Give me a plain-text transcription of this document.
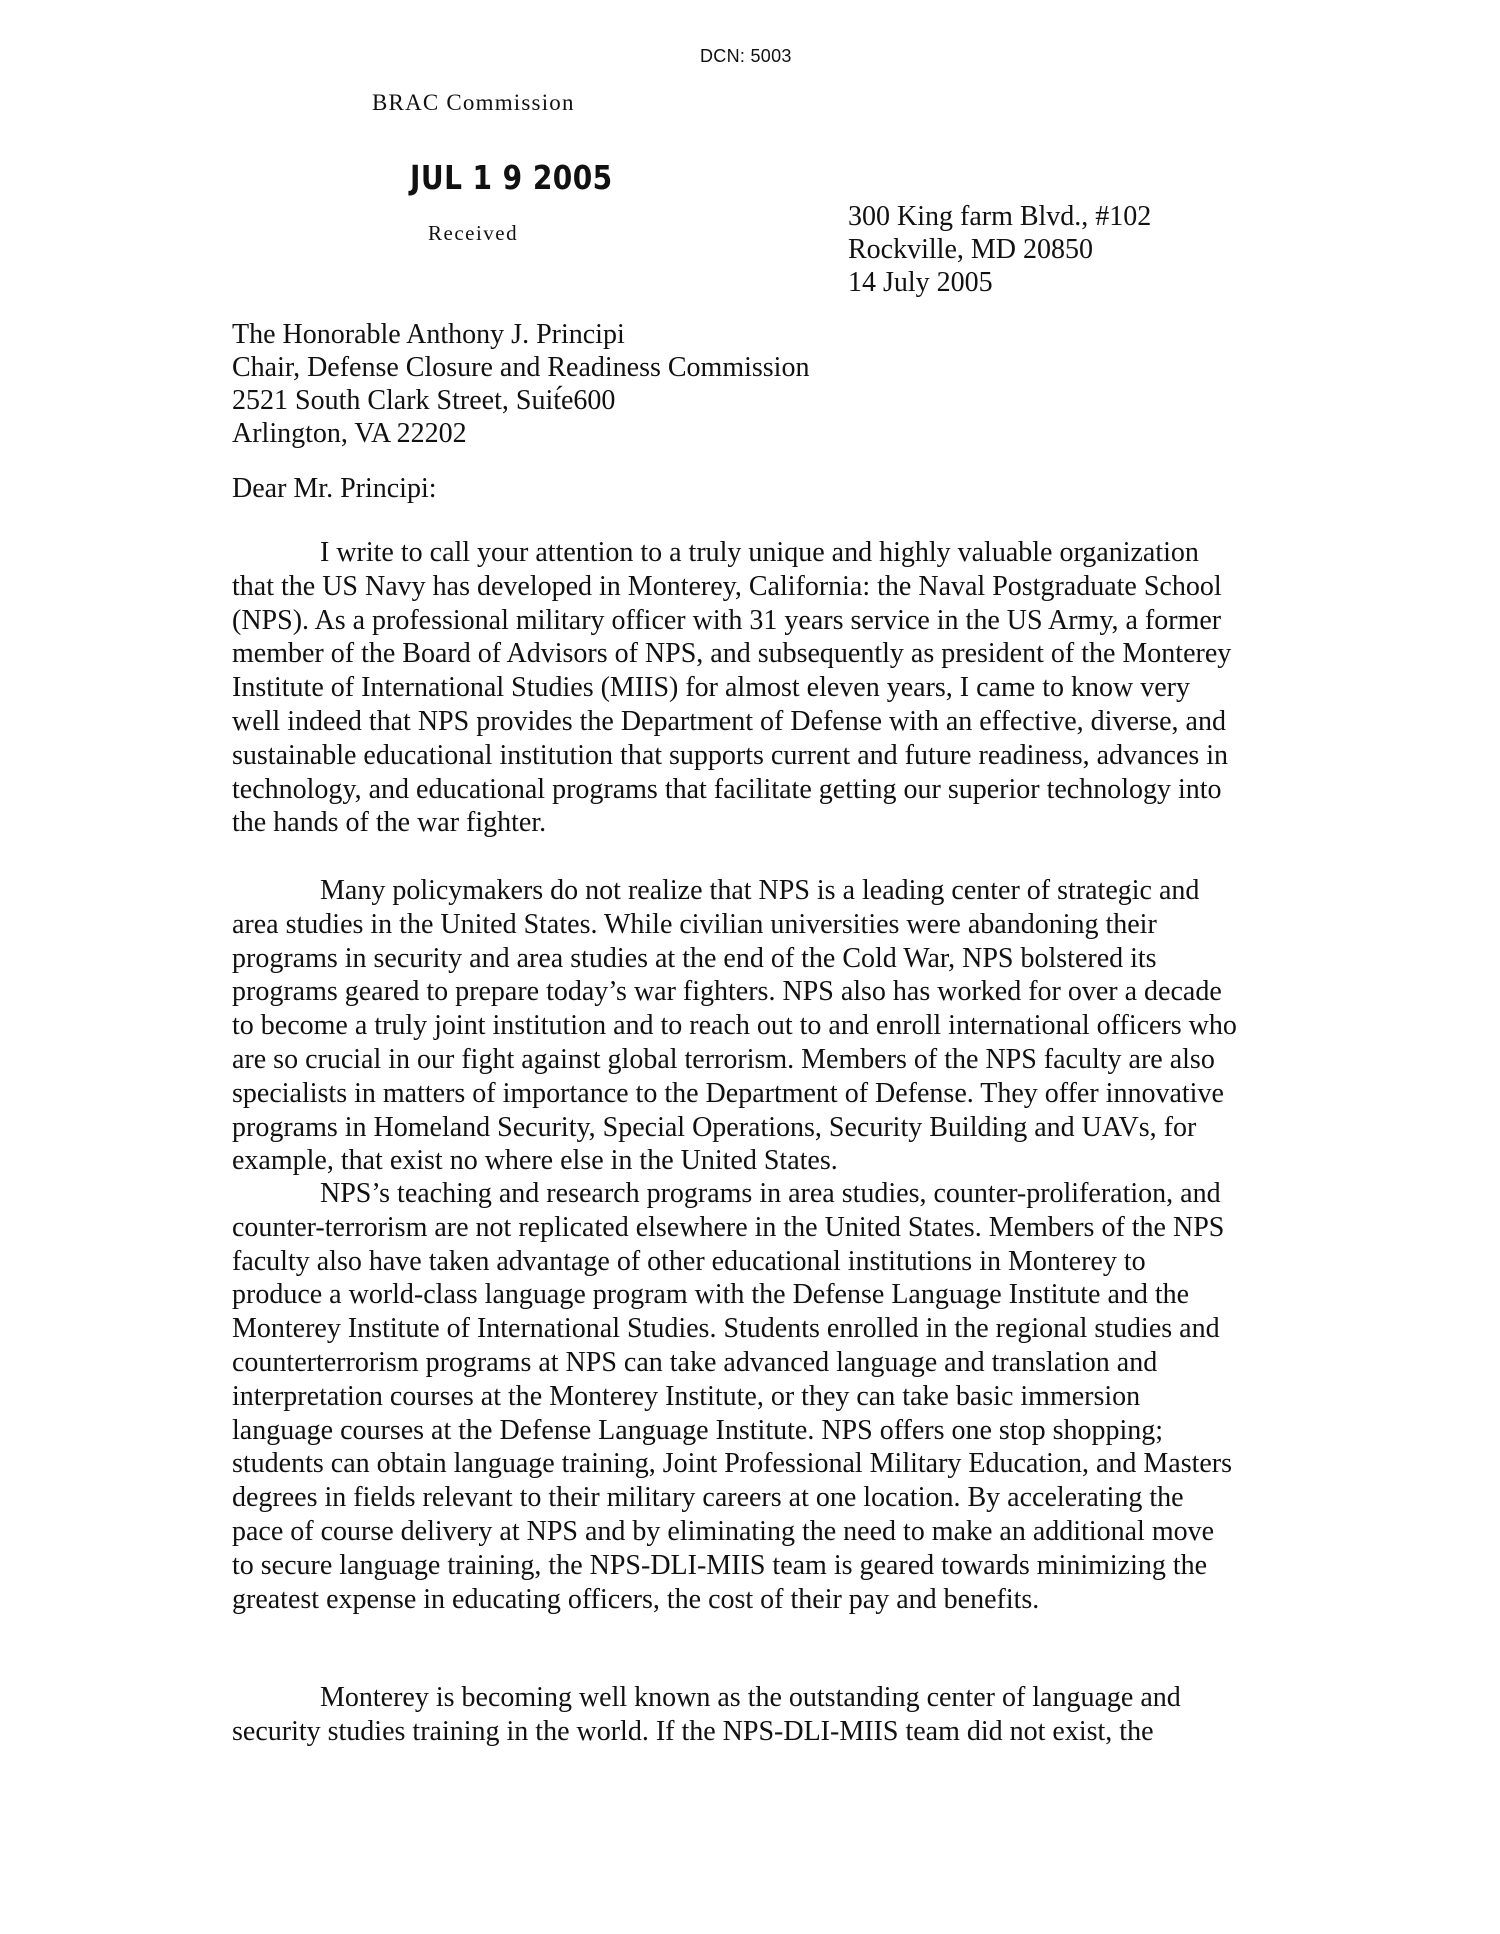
DCN: 5003
BRAC Commission
JUL 1 9 2005
Received
300 King farm Blvd., #102
Rockville, MD 20850
14 July 2005
The Honorable Anthony J. Principi
Chair, Defense Closure and Readiness Commission
2521 South Clark Street, Suit́e600
Arlington, VA 22202
Dear Mr. Principi:
I write to call your attention to a truly unique and highly valuable organization
that the US Navy has developed in Monterey, California: the Naval Postgraduate School
(NPS). As a professional military officer with 31 years service in the US Army, a former
member of the Board of Advisors of NPS, and subsequently as president of the Monterey
Institute of International Studies (MIIS) for almost eleven years, I came to know very
well indeed that NPS provides the Department of Defense with an effective, diverse, and
sustainable educational institution that supports current and future readiness, advances in
technology, and educational programs that facilitate getting our superior technology into
the hands of the war fighter.
Many policymakers do not realize that NPS is a leading center of strategic and
area studies in the United States. While civilian universities were abandoning their
programs in security and area studies at the end of the Cold War, NPS bolstered its
programs geared to prepare today’s war fighters. NPS also has worked for over a decade
to become a truly joint institution and to reach out to and enroll international officers who
are so crucial in our fight against global terrorism. Members of the NPS faculty are also
specialists in matters of importance to the Department of Defense. They offer innovative
programs in Homeland Security, Special Operations, Security Building and UAVs, for
example, that exist no where else in the United States.
NPS’s teaching and research programs in area studies, counter-proliferation, and
counter-terrorism are not replicated elsewhere in the United States. Members of the NPS
faculty also have taken advantage of other educational institutions in Monterey to
produce a world-class language program with the Defense Language Institute and the
Monterey Institute of International Studies. Students enrolled in the regional studies and
counterterrorism programs at NPS can take advanced language and translation and
interpretation courses at the Monterey Institute, or they can take basic immersion
language courses at the Defense Language Institute. NPS offers one stop shopping;
students can obtain language training, Joint Professional Military Education, and Masters
degrees in fields relevant to their military careers at one location. By accelerating the
pace of course delivery at NPS and by eliminating the need to make an additional move
to secure language training, the NPS-DLI-MIIS team is geared towards minimizing the
greatest expense in educating officers, the cost of their pay and benefits.
Monterey is becoming well known as the outstanding center of language and
security studies training in the world. If the NPS-DLI-MIIS team did not exist, the
